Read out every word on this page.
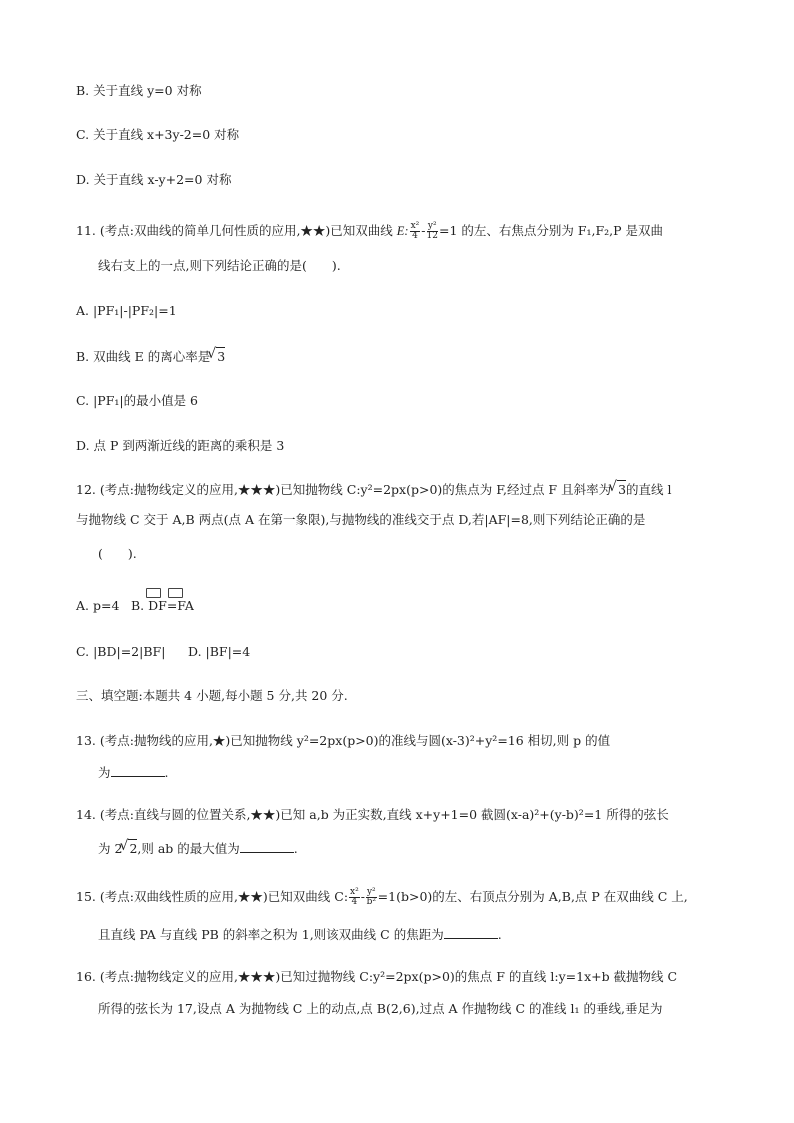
B. 关于直线 y=0 对称
C. 关于直线 x+3y-2=0 对称
D. 关于直线 x-y+2=0 对称
11. (考点:双曲线的简单几何性质的应用,★★)已知双曲线 E: $\frac{\text{x²}}{4} - \frac{\text{y²}}{12} =1$ 的左、右焦点分别为 F₁,F₂,P 是双曲
线右支上的一点,则下列结论正确的是(　　).
A. |PF₁|-|PF₂|=1
B. 双曲线 E 的离心率是 √ 3
C. |PF₁|的最小值是 6
D. 点 P 到两渐近线的距离的乘积是 3
12. (考点:抛物线定义的应用,★★★)已知抛物线 C:y²=2px(p>0)的焦点为 F,经过点 F 且斜率为 √ 3的直线 l
与抛物线 C 交于 A,B 两点(点 A 在第一象限),与抛物线的准线交于点 D,若|AF|=8,则下列结论正确的是
(　　).
A. p=4 B. DF=FA
C. |BD|=2|BF| D. |BF|=4
三、填空题:本题共 4 小题,每小题 5 分,共 20 分.
13. (考点:抛物线的应用,★)已知抛物线 y²=2px(p>0)的准线与圆(x-3)²+y²=16 相切,则 p 的值
为	.
14. (考点:直线与圆的位置关系,★★)已知 a,b 为正实数,直线 x+y+1=0 截圆(x-a)²+(y-b)²=1 所得的弦长
为 2 √ 2,则 ab 的最大值为	.
15. (考点:双曲线性质的应用,★★)已知双曲线 C: $\frac{\text{x²}}{4} - \frac{\text{y²}}{\text{b²}} =1(b>0)$的左、右顶点分别为 A,B,点 P 在双曲线 C 上,
且直线 PA 与直线 PB 的斜率之积为 1,则该双曲线 C 的焦距为	.
16. (考点:抛物线定义的应用,★★★)已知过抛物线 C:y²=2px(p>0)的焦点 F 的直线 l:y=1x+b 截抛物线 C
所得的弦长为 17,设点 A 为抛物线 C 上的动点,点 B(2,6),过点 A 作抛物线 C 的准线 l₁ 的垂线,垂足为
